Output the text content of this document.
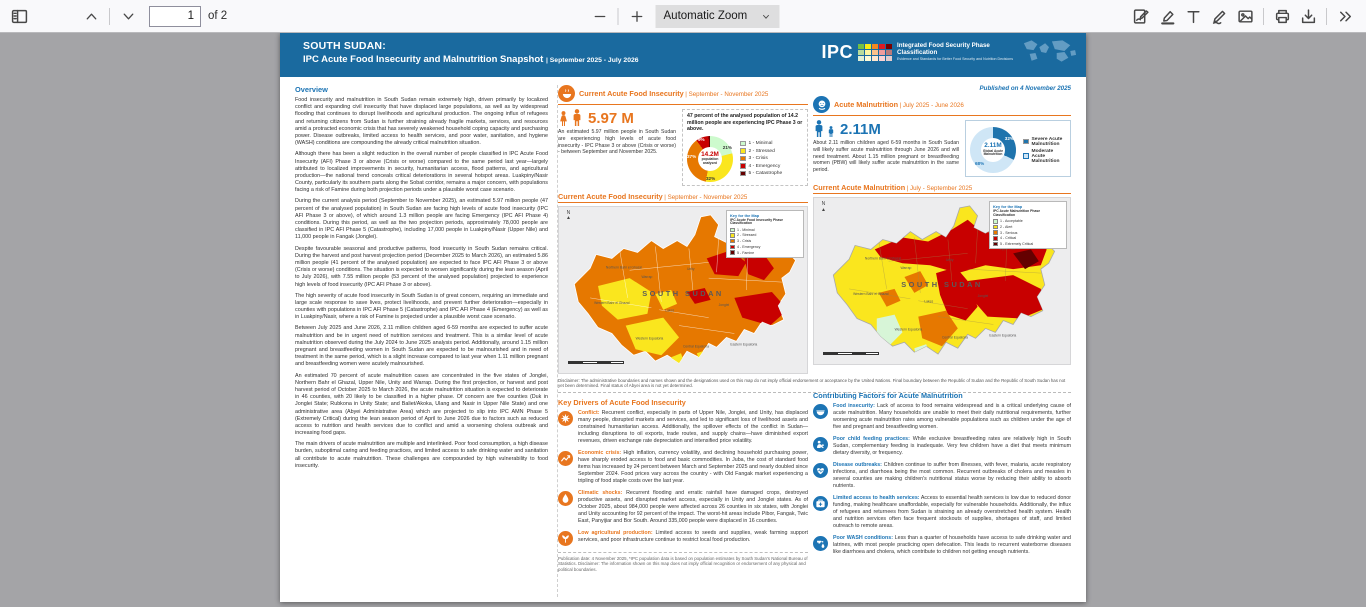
1
of 2	Automatic Zoom
SOUTH SUDAN:
IPC Acute Food Insecurity and Malnutrition Snapshot | September 2025 - July 2026	IPC	Integrated Food Security Phase Classification
Evidence and Standards for Better Food Security and Nutrition Decisions
Overview

Food insecurity and malnutrition in South Sudan remain extremely high, driven primarily by localized conflict and expanding civil insecurity that have displaced large populations, as well as by widespread flooding that continues to disrupt livelihoods and agricultural production. The ongoing influx of refugees and returning citizens from Sudan is further straining already fragile markets, services, and resources amid a protracted economic crisis that has severely weakened household coping capacity and purchasing power. Disease outbreaks, limited access to health services, and poor water, sanitation, and hygiene (WASH) conditions are compounding the already critical malnutrition situation.

Although there has been a slight reduction in the overall number of people classified in IPC Acute Food Insecurity (AFI) Phase 3 or above (Crisis or worse) compared to the same period last year—largely attributed to localized improvements in security, humanitarian access, flood patterns, and agricultural production—the national trend conceals critical deteriorations in several hotspot areas. Luakpiny/Nasir County, particularly its southern parts along the Sobat corridor, remains a major concern, with populations facing a risk of Famine during both projection periods under a plausible worst case scenario.

During the current analysis period (September to November 2025), an estimated 5.97 million people (47 percent of the analysed population) in South Sudan are facing high levels of acute food insecurity (IPC AFI Phase 3 or above), of which around 1.3 million people are facing Emergency (IPC AFI Phase 4) conditions. During this period, as well as the two projection periods, approximately 78,000 people are classified in IPC AFI Phase 5 (Catastrophe), including 17,000 people in Luakpiny/Nasir (Upper Nile) and 11,000 people in Fangak (Jonglei).

Despite favourable seasonal and productive patterns, food insecurity in South Sudan remains critical. During the harvest and post harvest projection period (December 2025 to March 2026), an estimated 5.86 million people (41 percent of the analysed population) are expected to face IPC AFI Phase 3 or above (Crisis or worse) conditions. The situation is expected to worsen significantly during the lean season (April to July 2026), with 7.55 million people (53 percent of the analysed population) projected to experience high levels of food insecurity (IPC AFI Phase 3 or above).

The high severity of acute food insecurity in South Sudan is of great concern, requiring an immediate and large scale response to save lives, protect livelihoods, and prevent further deterioration—especially in counties with populations in IPC AFI Phase 5 (Catastrophe) and IPC AFI Phase 4 (Emergency) as well as in Luakpiny/Nasir, where a risk of Famine is projected under a plausible worst case scenario.

Between July 2025 and June 2026, 2.11 million children aged 6-59 months are expected to suffer acute malnutrition and be in urgent need of nutrition services and treatment. This is a similar level of acute malnutrition observed during the July 2024 to June 2025 analysis period. Additionally, around 1.15 million pregnant and breastfeeding women in South Sudan are expected to be malnourished and in need of treatment in the same period, which is a slight increase compared to last year when 1.11 million pregnant and breastfeeding women were acutely malnourished.

An estimated 70 percent of acute malnutrition cases are concentrated in the five states of Jonglei, Northern Bahr el Ghazal, Upper Nile, Unity and Warrap. During the first projection, or harvest and post harvest period of October 2025 to March 2026, the acute malnutrition situation is expected to deteriorate in 46 counties, with 20 likely to be classified in a higher phase. Of concern are five counties (Duk in Jonglei State; Rubkona in Unity State; and Baliet/Akoka, Ulang and Nasir in Upper Nile State) and one administrative area (Abyei Administrative Area) which are projected to slip into IPC AMN Phase 5 (Extremely Critical) during the lean season period of April to June 2026 due to factors such as reduced access to nutrition and health services due to conflict and amid a worsening cholera outbreak and increasing food gaps.

The main drivers of acute malnutrition are multiple and interlinked. Poor food consumption, a high disease burden, suboptimal caring and feeding practices, and limited access to safe drinking water and sanitation all contribute to acute malnutrition. These challenges are compounded by high vulnerability to food insecurity.

Current Acute Food Insecurity | September - November 2025
5.97 M
An estimated 5.97 million people in South Sudan are experiencing high levels of acute food insecurity - IPC Phase 3 or above (Crisis or worse) - between September and November 2025.
47 percent of the analysed population of 14.2 million people are experiencing IPC Phase 3 or above.
21%
32%
37%
9%
14.2M
population analysed
1 - Minimal
2 - Stressed
3 - Crisis
4 - Emergency
5 - Catastrophe
Current Acute Food Insecurity | September - November 2025
SOUTH SUDAN
Jonglei
Unity
Warrap
Lakes
Northern Bahr el Ghazal
Western Bahr el Ghazal
Western Equatoria
Central Equatoria	Eastern Equatoria
N
▲	Key for the Map
IPC Acute Food Insecurity Phase Classification
1 - Minimal
2 - Stressed
3 - Crisis
4 - Emergency
5 - Famine
Disclaimer: The administrative boundaries and names shown and the designations used on this map do not imply official endorsement or acceptance by the United Nations. Final boundary between the Republic of Sudan and the Republic of South Sudan has not yet been determined. Final status of Abyei area is not yet determined.
Key Drivers of Acute Food Insecurity

Conflict: Recurrent conflict, especially in parts of Upper Nile, Jonglei, and Unity, has displaced many people, disrupted markets and services, and led to significant loss of livelihood assets and constrained humanitarian access. Additionally, the spillover effects of the conflict in Sudan—including disruptions to oil exports, trade routes, and supply chains—have diminished export revenues, driven exchange rate depreciation and intensified price volatility.

Economic crisis: High inflation, currency volatility, and declining household purchasing power, have sharply eroded access to food and basic commodities. In Juba, the cost of standard food items has increased by 24 percent between March and September 2025 and nearly doubled since September 2024. Food prices vary across the country - with Old Fangak market experiencing a tripling of food staple costs over the last year.

Climatic shocks: Recurrent flooding and erratic rainfall have damaged crops, destroyed productive assets, and disrupted market access, especially in Unity and Jonglei states. As of October 2025, about 984,000 people were affected across 26 counties in six states, with Jonglei and Unity accounting for 92 percent of the impact. The worst-hit areas include Pibor, Fangak, Twic East, Panyijiar and Bor South. Around 335,000 people were displaced in 16 counties.

Low agricultural production: Limited access to seeds and supplies, weak farming support services, and poor infrastructure continue to restrict local food production.

Publication date: 4 November 2025, *IPC population data is based on population estimates by South Sudan's National Bureau of Statistics. Disclaimer: The information shown on this map does not imply official recognition or endorsement of any physical and political boundaries.
Published on 4 November 2025
Acute Malnutrition | July 2025 - June 2026
2.11M
About 2.11 million children aged 6-59 months in South Sudan will likely suffer acute malnutrition through June 2026 and will need treatment. About 1.15 million pregnant or breastfeeding women (PBW) will likely suffer acute malnutrition in the same period.
32%
68%
2.11M
Global Acute Malnutrition
Severe Acute Malnutrition
Moderate Acute Malnutrition
Current Acute Malnutrition | July - September 2025
SOUTH SUDAN
Jonglei
Unity
Warrap
Lakes
Northern Bahr el Ghazal
Western Bahr el Ghazal
Western Equatoria
Central Equatoria	Eastern Equatoria
N
▲	Key for the Map
IPC Acute Malnutrition Phase Classification
1 - Acceptable
2 - Alert
3 - Serious
4 - Critical
5 - Extremely Critical
Contributing Factors for Acute Malnutrition

Food insecurity: Lack of access to food remains widespread and is a critical underlying cause of acute malnutrition. Many households are unable to meet their daily nutritional requirements, further worsening acute malnutrition rates among vulnerable populations such as children under the age of five and pregnant and breastfeeding women.

Poor child feeding practices: While exclusive breastfeeding rates are relatively high in South Sudan, complementary feeding is inadequate. Very few children have a diet that meets minimum dietary diversity, or frequency.

Disease outbreaks: Children continue to suffer from illnesses, with fever, malaria, acute respiratory infections, and diarrhoea being the most common. Recurrent outbreaks of cholera and measles in several counties are making children's nutritional status worse by reducing their ability to absorb nutrients.

Limited access to health services: Access to essential health services is low due to reduced donor funding, making healthcare unaffordable, especially for vulnerable households. Additionally, the influx of refugees and returnees from Sudan is straining an already overstretched health system. Health and nutrition services often face frequent stockouts of supplies, shortages of staff, and limited outreach to remote areas.

Poor WASH conditions: Less than a quarter of households have access to safe drinking water and latrines, with most people practicing open defecation. This leads to recurrent waterborne diseases like diarrhoea and cholera, which contribute to children not getting enough nutrients.
